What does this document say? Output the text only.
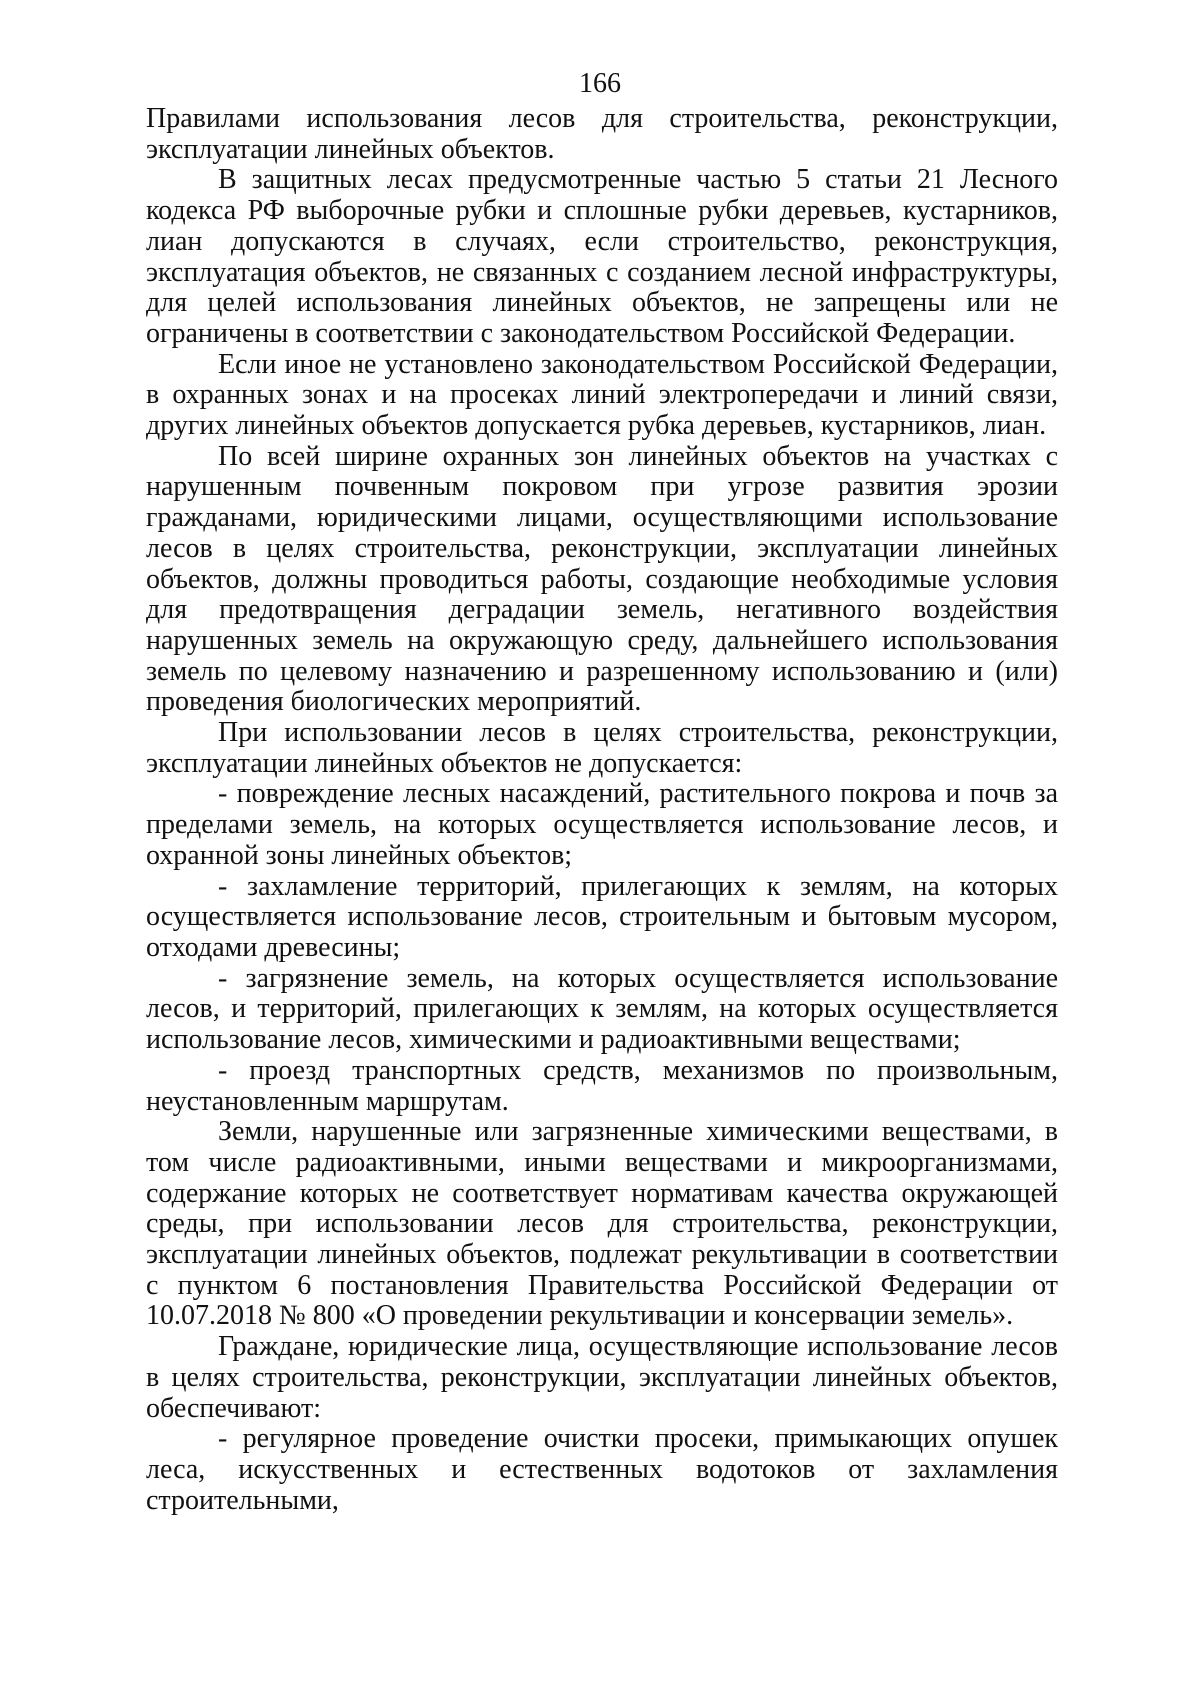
166

Правилами использования лесов для строительства, реконструкции, эксплуатации линейных объектов.

В защитных лесах предусмотренные частью 5 статьи 21 Лесного кодекса РФ выборочные рубки и сплошные рубки деревьев, кустарников, лиан допускаются в случаях, если строительство, реконструкция, эксплуатация объектов, не связанных с созданием лесной инфраструктуры, для целей использования линейных объектов, не запрещены или не ограничены в соответствии с законодательством Российской Федерации.

Если иное не установлено законодательством Российской Федерации, в охранных зонах и на просеках линий электропередачи и линий связи, других линейных объектов допускается рубка деревьев, кустарников, лиан.

По всей ширине охранных зон линейных объектов на участках с нарушенным почвенным покровом при угрозе развития эрозии гражданами, юридическими лицами, осуществляющими использование лесов в целях строительства, реконструкции, эксплуатации линейных объектов, должны проводиться работы, создающие необходимые условия для предотвращения деградации земель, негативного воздействия нарушенных земель на окружающую среду, дальнейшего использования земель по целевому назначению и разрешенному использованию и (или) проведения биологических мероприятий.

При использовании лесов в целях строительства, реконструкции, эксплуатации линейных объектов не допускается:

- повреждение лесных насаждений, растительного покрова и почв за пределами земель, на которых осуществляется использование лесов, и охранной зоны линейных объектов;

- захламление территорий, прилегающих к землям, на которых осуществляется использование лесов, строительным и бытовым мусором, отходами древесины;

- загрязнение земель, на которых осуществляется использование лесов, и территорий, прилегающих к землям, на которых осуществляется использование лесов, химическими и радиоактивными веществами;

- проезд транспортных средств, механизмов по произвольным, неустановленным маршрутам.

Земли, нарушенные или загрязненные химическими веществами, в том числе радиоактивными, иными веществами и микроорганизмами, содержание которых не соответствует нормативам качества окружающей среды, при использовании лесов для строительства, реконструкции, эксплуатации линейных объектов, подлежат рекультивации в соответствии с пунктом 6 постановления Правительства Российской Федерации от 10.07.2018 № 800 «О проведении рекультивации и консервации земель».

Граждане, юридические лица, осуществляющие использование лесов в целях строительства, реконструкции, эксплуатации линейных объектов, обеспечивают:

- регулярное проведение очистки просеки, примыкающих опушек леса, искусственных и естественных водотоков от захламления строительными,
